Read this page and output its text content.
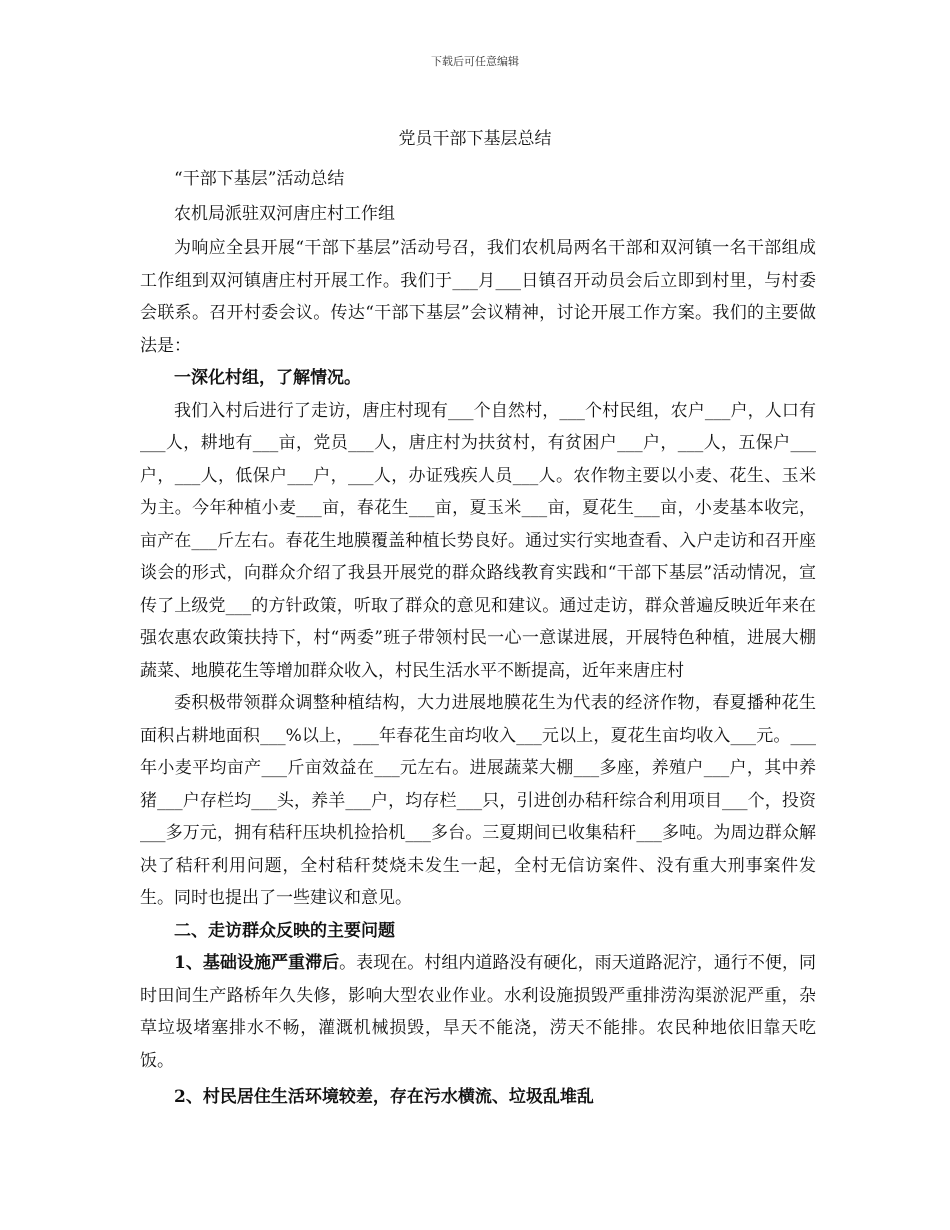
下载后可任意编辑
党员干部下基层总结

“干部下基层”活动总结

农机局派驻双河唐庄村工作组

为响应全县开展“干部下基层”活动号召，我们农机局两名干部和双河镇一名干部组成工作组到双河镇唐庄村开展工作。我们于___月___日镇召开动员会后立即到村里，与村委会联系。召开村委会议。传达“干部下基层”会议精神，讨论开展工作方案。我们的主要做法是：

一深化村组，了解情况。

我们入村后进行了走访，唐庄村现有___个自然村，___个村民组，农户___户，人口有___人，耕地有___亩，党员___人，唐庄村为扶贫村，有贫困户___户，___人，五保户___户，___人，低保户___户，___人，办证残疾人员___人。农作物主要以小麦、花生、玉米为主。今年种植小麦___亩，春花生___亩，夏玉米___亩，夏花生___亩，小麦基本收完，亩产在___斤左右。春花生地膜覆盖种植长势良好。通过实行实地查看、入户走访和召开座谈会的形式，向群众介绍了我县开展党的群众路线教育实践和“干部下基层”活动情况，宣传了上级党___的方针政策，听取了群众的意见和建议。通过走访，群众普遍反映近年来在强农惠农政策扶持下，村“两委”班子带领村民一心一意谋进展，开展特色种植，进展大棚蔬菜、地膜花生等增加群众收入，村民生活水平不断提高，近年来唐庄村

委积极带领群众调整种植结构，大力进展地膜花生为代表的经济作物，春夏播种花生面积占耕地面积___%以上，___年春花生亩均收入___元以上，夏花生亩均收入___元。___年小麦平均亩产___斤亩效益在___元左右。进展蔬菜大棚___多座，养殖户___户，其中养猪___户存栏均___头，养羊___户，均存栏___只，引进创办秸秆综合利用项目___个，投资___多万元，拥有秸秆压块机捡拾机___多台。三夏期间已收集秸秆___多吨。为周边群众解决了秸秆利用问题，全村秸秆焚烧未发生一起，全村无信访案件、没有重大刑事案件发生。同时也提出了一些建议和意见。

二、走访群众反映的主要问题

1、基础设施严重滞后。表现在。村组内道路没有硬化，雨天道路泥泞，通行不便，同时田间生产路桥年久失修，影响大型农业作业。水利设施损毁严重排涝沟渠淤泥严重，杂草垃圾堵塞排水不畅，灌溉机械损毁，旱天不能浇，涝天不能排。农民种地依旧靠天吃饭。

2、村民居住生活环境较差，存在污水横流、垃圾乱堆乱
